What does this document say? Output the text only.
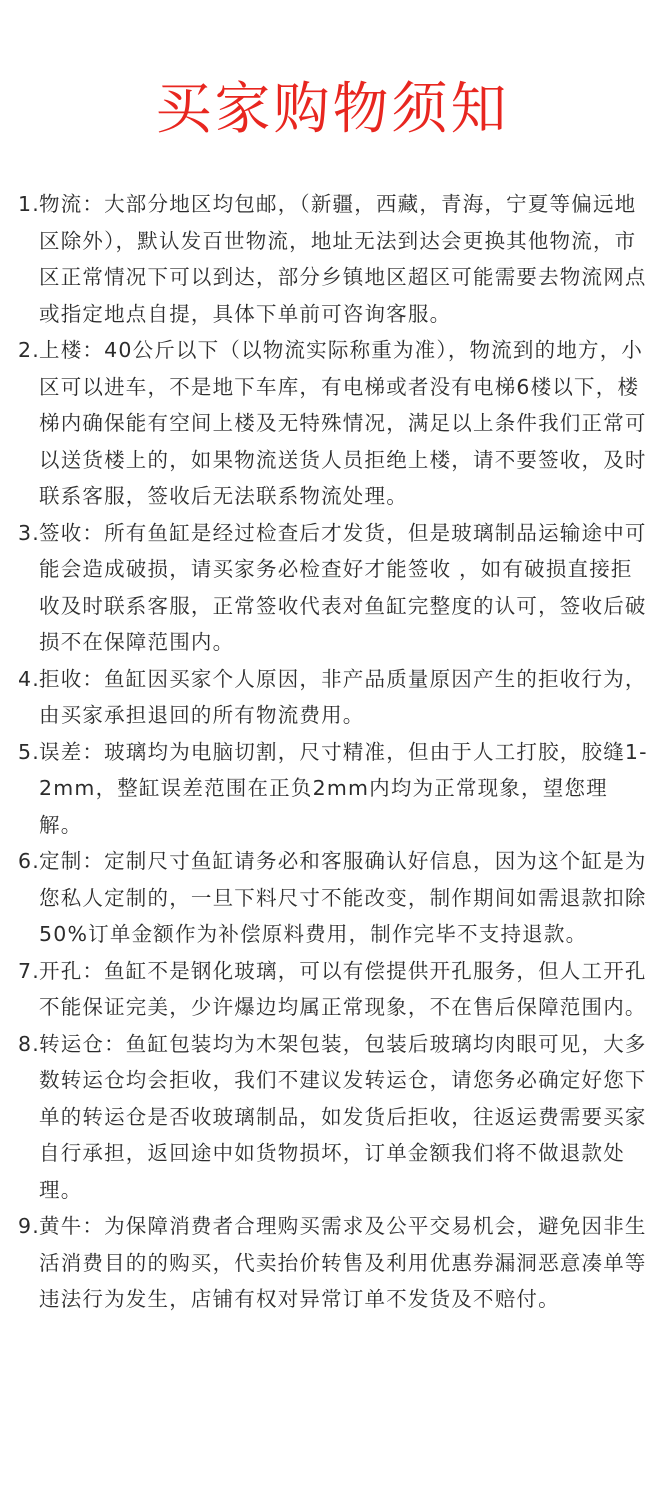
买家购物须知
1. 物流：大部分地区均包邮，（新疆，西藏，青海，宁夏等偏远地区除外），默认发百世物流，地址无法到达会更换其他物流，市区正常情况下可以到达，部分乡镇地区超区可能需要去物流网点或指定地点自提，具体下单前可咨询客服。
2. 上楼：40公斤以下（以物流实际称重为准），物流到的地方，小区可以进车，不是地下车库，有电梯或者没有电梯6楼以下，楼梯内确保能有空间上楼及无特殊情况，满足以上条件我们正常可以送货楼上的，如果物流送货人员拒绝上楼，请不要签收，及时联系客服，签收后无法联系物流处理。
3. 签收：所有鱼缸是经过检查后才发货，但是玻璃制品运输途中可能会造成破损，请买家务必检查好才能签收 ，如有破损直接拒收及时联系客服，正常签收代表对鱼缸完整度的认可，签收后破损不在保障范围内。
4. 拒收：鱼缸因买家个人原因，非产品质量原因产生的拒收行为，由买家承担退回的所有物流费用。
5. 误差：玻璃均为电脑切割，尺寸精准，但由于人工打胶，胶缝1-2mm，整缸误差范围在正负2mm内均为正常现象，望您理解。
6. 定制：定制尺寸鱼缸请务必和客服确认好信息，因为这个缸是为您私人定制的，一旦下料尺寸不能改变，制作期间如需退款扣除50%订单金额作为补偿原料费用，制作完毕不支持退款。
7. 开孔：鱼缸不是钢化玻璃，可以有偿提供开孔服务，但人工开孔不能保证完美，少许爆边均属正常现象，不在售后保障范围内。
8. 转运仓：鱼缸包装均为木架包装，包装后玻璃均肉眼可见，大多数转运仓均会拒收，我们不建议发转运仓，请您务必确定好您下单的转运仓是否收玻璃制品，如发货后拒收，往返运费需要买家自行承担，返回途中如货物损坏，订单金额我们将不做退款处理。
9. 黄牛：为保障消费者合理购买需求及公平交易机会，避免因非生活消费目的的购买，代卖抬价转售及利用优惠券漏洞恶意凑单等违法行为发生，店铺有权对异常订单不发货及不赔付。
